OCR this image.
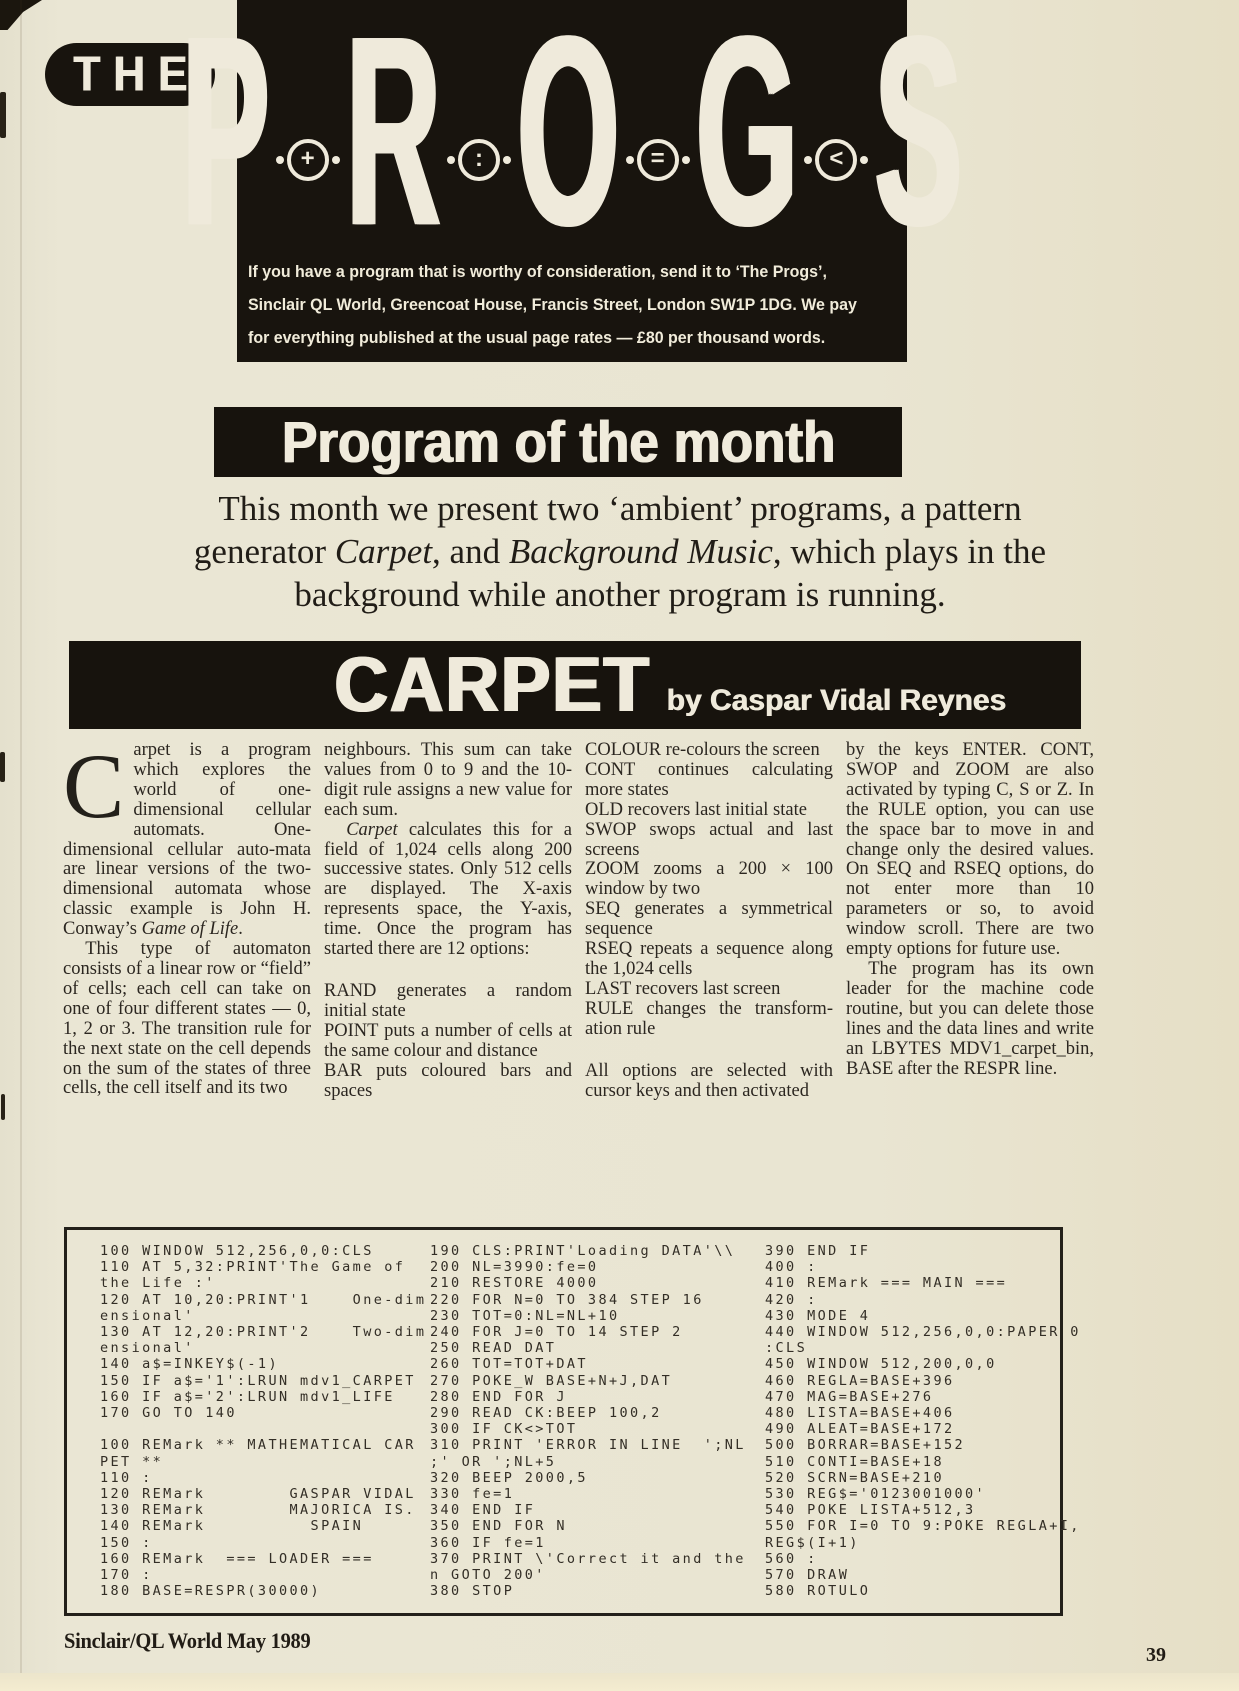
THE
P	+ R	: O	= G	< S
If you have a program that is worthy of consideration, send it to ‘The Progs’,
Sinclair QL World, Greencoat House, Francis Street, London SW1P 1DG. We pay
for everything published at the usual page rates — £80 per thousand words.
Program of the month
This month we present two ‘ambient’ programs, a pattern
generator Carpet, and Background Music, which plays in the
background while another program is running.
CARPET by Caspar Vidal Reynes

Carpet is a program which explores the world of one-dimensional cellular automats. One-dimensional cellular auto-mata are linear versions of the two-dimensional automata whose classic example is John H. Conway’s Game of Life.

This type of automaton consists of a linear row or “field” of cells; each cell can take on one of four different states — 0, 1, 2 or 3. The transition rule for the next state on the cell depends on the sum of the states of three cells, the cell itself and its two

neighbours. This sum can take values from 0 to 9 and the 10-digit rule assigns a new value for each sum.

Carpet calculates this for a field of 1,024 cells along 200 successive states. Only 512 cells are displayed. The X-axis represents space, the Y-axis, time. Once the program has started there are 12 options:

RAND generates a random initial state

POINT puts a number of cells at the same colour and distance

BAR puts coloured bars and spaces

COLOUR re-colours the screen

CONT continues calculating more states

OLD recovers last initial state

SWOP swops actual and last screens

ZOOM zooms a 200 × 100 window by two

SEQ generates a symmetrical sequence

RSEQ repeats a sequence along the 1,024 cells

LAST recovers last screen

RULE changes the transformation rule

All options are selected with cursor keys and then activated

by the keys ENTER. CONT, SWOP and ZOOM are also activated by typing C, S or Z. In the RULE option, you can use the space bar to move in and change only the desired values. On SEQ and RSEQ options, do not enter more than 10 parameters or so, to avoid window scroll. There are two empty options for future use.

The program has its own leader for the machine code routine, but you can delete those lines and the data lines and write an LBYTES MDV1_carpet_bin, BASE after the RESPR line.

100 WINDOW 512,256,0,0:CLS
110 AT 5,32:PRINT'The Game of
the Life :'
120 AT 10,20:PRINT'1    One-dim
ensional'
130 AT 12,20:PRINT'2    Two-dim
ensional'
140 a$=INKEY$(-1)
150 IF a$='1':LRUN mdv1_CARPET
160 IF a$='2':LRUN mdv1_LIFE
170 GO TO 140

100 REMark ** MATHEMATICAL CAR
PET **
110 :
120 REMark        GASPAR VIDAL
130 REMark        MAJORICA IS.
140 REMark          SPAIN
150 :
160 REMark  === LOADER ===
170 :
180 BASE=RESPR(30000)
190 CLS:PRINT'Loading DATA'\\
200 NL=3990:fe=0
210 RESTORE 4000
220 FOR N=0 TO 384 STEP 16
230 TOT=0:NL=NL+10
240 FOR J=0 TO 14 STEP 2
250 READ DAT
260 TOT=TOT+DAT
270 POKE_W BASE+N+J,DAT
280 END FOR J
290 READ CK:BEEP 100,2
300 IF CK<>TOT
310 PRINT 'ERROR IN LINE  ';NL
;' OR ';NL+5
320 BEEP 2000,5
330 fe=1
340 END IF
350 END FOR N
360 IF fe=1
370 PRINT \'Correct it and the
n GOTO 200'
380 STOP
390 END IF
400 :
410 REMark === MAIN ===
420 :
430 MODE 4
440 WINDOW 512,256,0,0:PAPER 0
:CLS
450 WINDOW 512,200,0,0
460 REGLA=BASE+396
470 MAG=BASE+276
480 LISTA=BASE+406
490 ALEAT=BASE+172
500 BORRAR=BASE+152
510 CONTI=BASE+18
520 SCRN=BASE+210
530 REG$='0123001000'
540 POKE LISTA+512,3
550 FOR I=0 TO 9:POKE REGLA+I,
REG$(I+1)
560 :
570 DRAW
580 ROTULO
Sinclair/QL World May 1989
39
